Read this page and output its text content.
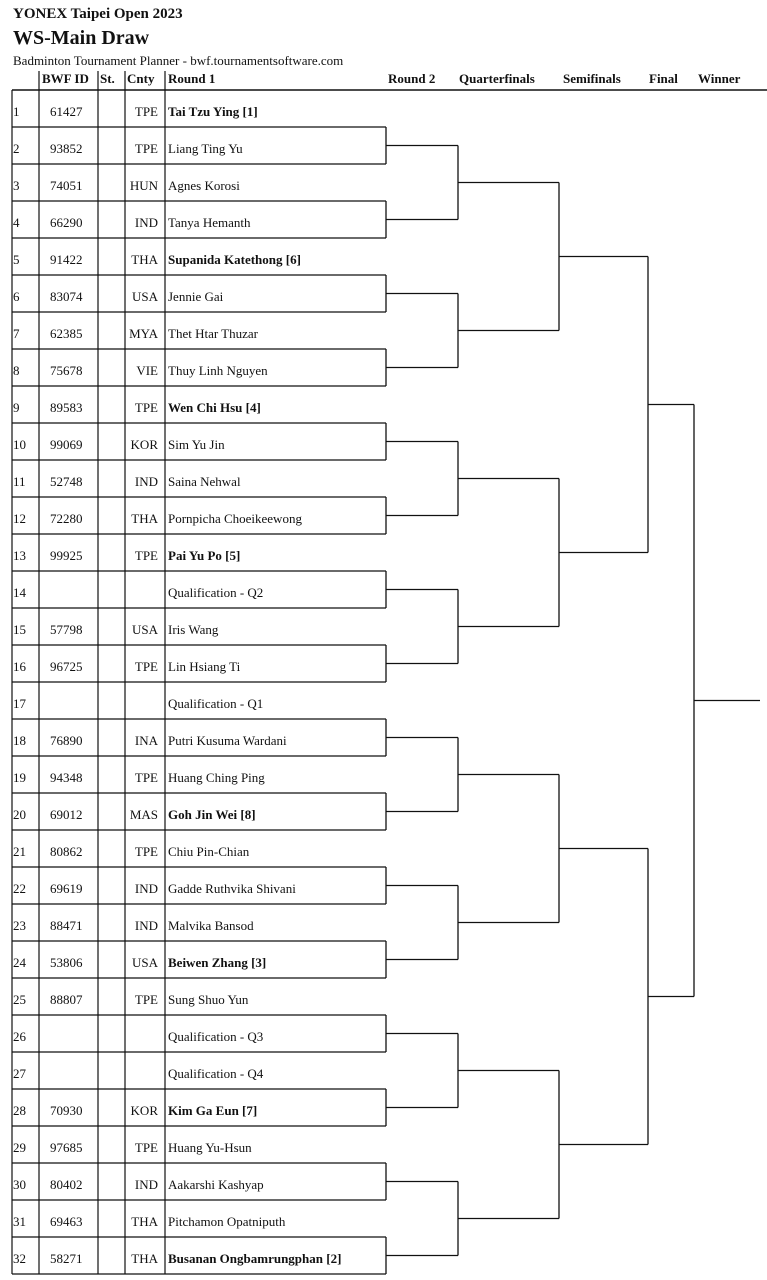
YONEX Taipei Open 2023
WS-Main Draw
Badminton Tournament Planner - bwf.tournamentsoftware.com
BWF ID St. Cnty Round 1	Round 2 Quarterfinals Semifinals Final Winner
1 61427	TPE Tai Tzu Ying [1]
2 93852	TPE Liang Ting Yu
3 74051	HUN Agnes Korosi
4 66290	IND Tanya Hemanth
5 91422	THA Supanida Katethong [6]
6 83074	USA Jennie Gai
7 62385	MYA Thet Htar Thuzar
8 75678	VIE Thuy Linh Nguyen
9 89583	TPE Wen Chi Hsu [4]
10 99069	KOR Sim Yu Jin
11 52748	IND Saina Nehwal
12 72280	THA Pornpicha Choeikeewong
13 99925	TPE Pai Yu Po [5]
14	Qualification - Q2
15 57798	USA Iris Wang
16 96725	TPE Lin Hsiang Ti
17	Qualification - Q1
18 76890	INA Putri Kusuma Wardani
19 94348	TPE Huang Ching Ping
20 69012	MAS Goh Jin Wei [8]
21 80862	TPE Chiu Pin-Chian
22 69619	IND Gadde Ruthvika Shivani
23 88471	IND Malvika Bansod
24 53806	USA Beiwen Zhang [3]
25 88807	TPE Sung Shuo Yun
26	Qualification - Q3
27	Qualification - Q4
28 70930	KOR Kim Ga Eun [7]
29 97685	TPE Huang Yu-Hsun
30 80402	IND Aakarshi Kashyap
31 69463	THA Pitchamon Opatniputh
32 58271	THA Busanan Ongbamrungphan [2]
